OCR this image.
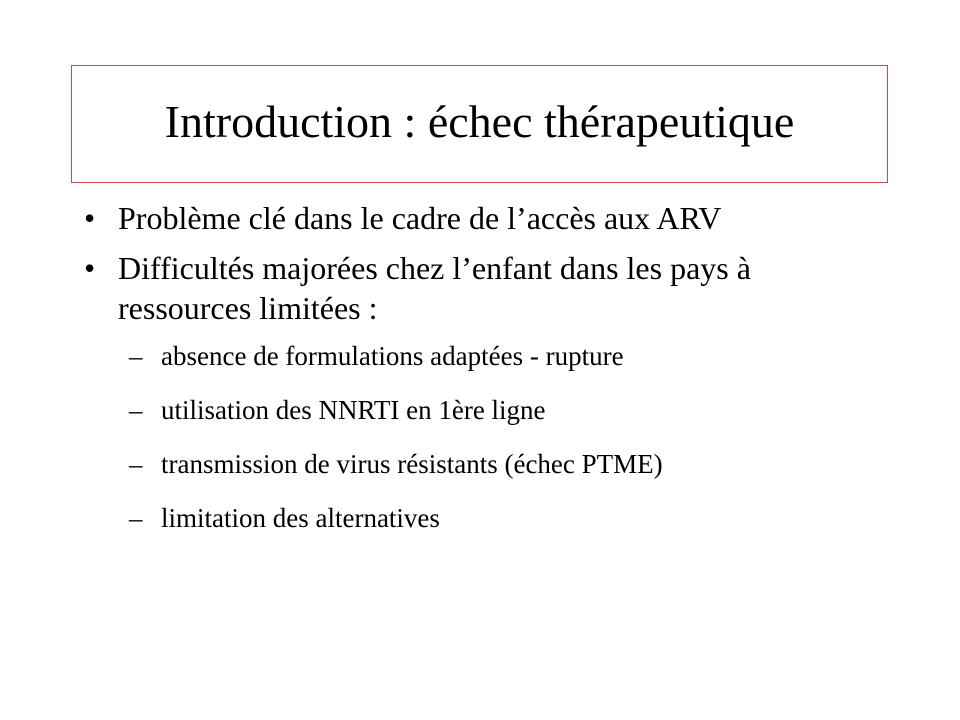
Introduction : échec thérapeutique
• Problème clé dans le cadre de l’accès aux ARV
• Difficultés majorées chez l’enfant dans les pays à ressources limitées :
– absence de formulations adaptées - rupture
– utilisation des NNRTI en 1ère ligne
– transmission de virus résistants (échec PTME)
– limitation des alternatives
